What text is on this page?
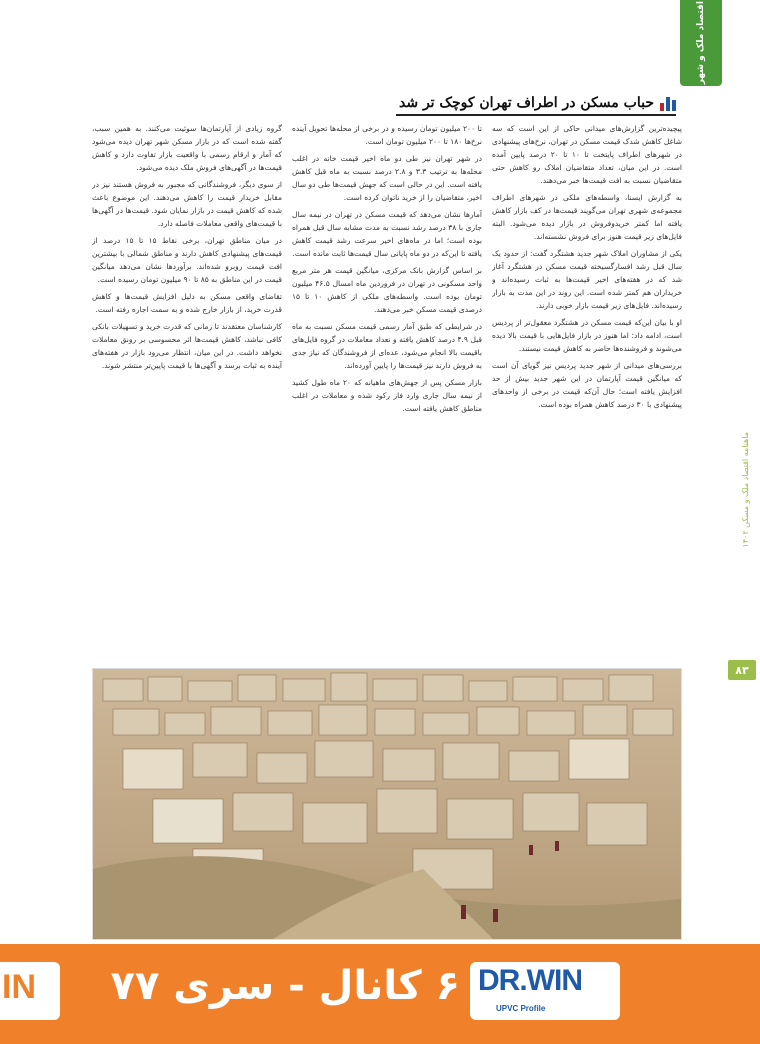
اقتصاد ملک و شهر
ماهنامه اقتصاد ملک و مسکن ۱۴۰۲
۸۳
حباب مسکن در اطراف تهران کوچک تر شد

پیچیده‌ترین گزارش‌های میدانی حاکی از این است که سه شاغل کاهش شدک قیمت مسکن در تهران، نرخ‌های پیشنهادی در شهرهای اطراف پایتخت تا ۱۰ تا ۲۰ درصد پایین آمده است. در این میان، تعداد متقاضیان املاک رو کاهش حتی متقاضیان نسبت به افت قیمت‌ها خبر می‌دهند.

به گزارش ایسنا، واسطه‌های ملکی در شهرهای اطراف مجموعه‌ی شهری تهران می‌گویند قیمت‌ها در کف بازار کاهش یافته اما کمتر خرید‌وفروش در بازار دیده می‌شود. البته فایل‌های زیر قیمت هنوز برای فروش نشسته‌اند.

یکی از مشاوران املاک شهر جدید هشتگرد گفت: از حدود یک سال قبل رشد افسارگسیخته قیمت مسکن در هشتگرد آغاز شد که در هفته‌های اخیر قیمت‌ها به ثبات رسیده‌اند و خریداران هم کمتر شده است. این روند در این مدت به بازار رسیده‌اند. فایل‌های زیر قیمت بازار خوبی دارند.

او با بیان این‌که قیمت مسکن در هشتگرد معقول‌تر از پردیس است، ادامه داد: اما هنوز در بازار فایل‌هایی با قیمت بالا دیده می‌شوند و فروشنده‌ها حاضر به کاهش قیمت نیستند.

بررسی‌های میدانی از شهر جدید پردیس نیز گویای آن است که میانگین قیمت آپارتمان در این شهر جدید بیش از حد افزایش یافته است؛ حال آن‌که قیمت در برخی از واحدهای پیشنهادی با ۳۰ درصد کاهش همراه بوده است.

تا ۲۰۰ میلیون تومان رسیده و در برخی از محله‌ها تحویل آینده نرخ‌ها ۱۸۰ تا ۲۰۰ میلیون تومان است.

در شهر تهران نیز طی دو ماه اخیر قیمت خانه در اغلب محله‌ها به ترتیب ۳.۳ و ۲.۸ درصد نسبت به ماه قبل کاهش یافته است. این در حالی است که جهش قیمت‌ها طی دو سال اخیر، متقاضیان را از خرید ناتوان کرده است.

آمارها نشان می‌دهد که قیمت مسکن در تهران در نیمه سال جاری با ۳۸ درصد رشد نسبت به مدت مشابه سال قبل همراه بوده است؛ اما در ماه‌های اخیر سرعت رشد قیمت کاهش یافته تا این‌که در دو ماه پایانی سال قیمت‌ها ثابت مانده است.

بر اساس گزارش بانک مرکزی، میانگین قیمت هر متر مربع واحد مسکونی در تهران در فروردین ماه امسال ۴۶.۵ میلیون تومان بوده است. واسطه‌های ملکی از کاهش ۱۰ تا ۱۵ درصدی قیمت مسکن خبر می‌دهند.

در شرایطی که طبق آمار رسمی قیمت مسکن نسبت به ماه قبل ۴.۹ درصد کاهش یافته و تعداد معاملات در گروه فایل‌های باقیمت بالا انجام می‌شود، عده‌ای از فروشندگان که نیاز جدی به فروش دارند نیز قیمت‌ها را پایین آورده‌اند.

بازار مسکن پس از جهش‌های ماهیانه که ۲۰ ماه طول کشید از نیمه سال جاری وارد فاز رکود شده و معاملات در اغلب مناطق کاهش یافته است.

گروه زیادی از آپارتمان‌ها سوئیت می‌کنند. به همین سبب، گفته شده است که در بازار مسکن شهر تهران دیده می‌شود که آمار و ارقام رسمی با واقعیت بازار تفاوت دارد و کاهش قیمت‌ها در آگهی‌های فروش ملک دیده می‌شود.

از سوی دیگر، فروشندگانی که مجبور به فروش هستند نیز در مقابل خریدار قیمت را کاهش می‌دهند. این موضوع باعث شده که کاهش قیمت در بازار نمایان شود. قیمت‌ها در آگهی‌ها با قیمت‌های واقعی معاملات فاصله دارد.

در میان مناطق تهران، برخی نقاط ۱۵ تا ۱۵ درصد از قیمت‌های پیشنهادی کاهش دارند و مناطق شمالی با بیشترین افت قیمت روبرو شده‌اند. برآوردها نشان می‌دهد میانگین قیمت در این مناطق به ۸۵ تا ۹۰ میلیون تومان رسیده است.

تقاضای واقعی مسکن به دلیل افزایش قیمت‌ها و کاهش قدرت خرید، از بازار خارج شده و به سمت اجاره رفته است.

کارشناسان معتقدند تا زمانی که قدرت خرید و تسهیلات بانکی کافی نباشد، کاهش قیمت‌ها اثر محسوسی بر رونق معاملات نخواهد داشت. در این میان، انتظار می‌رود بازار در هفته‌های آینده به ثبات برسد و آگهی‌ها با قیمت پایین‌تر منتشر شوند.

IN	۶ کانال - سری ۷۷ DR.WIN
UPVC Profile
